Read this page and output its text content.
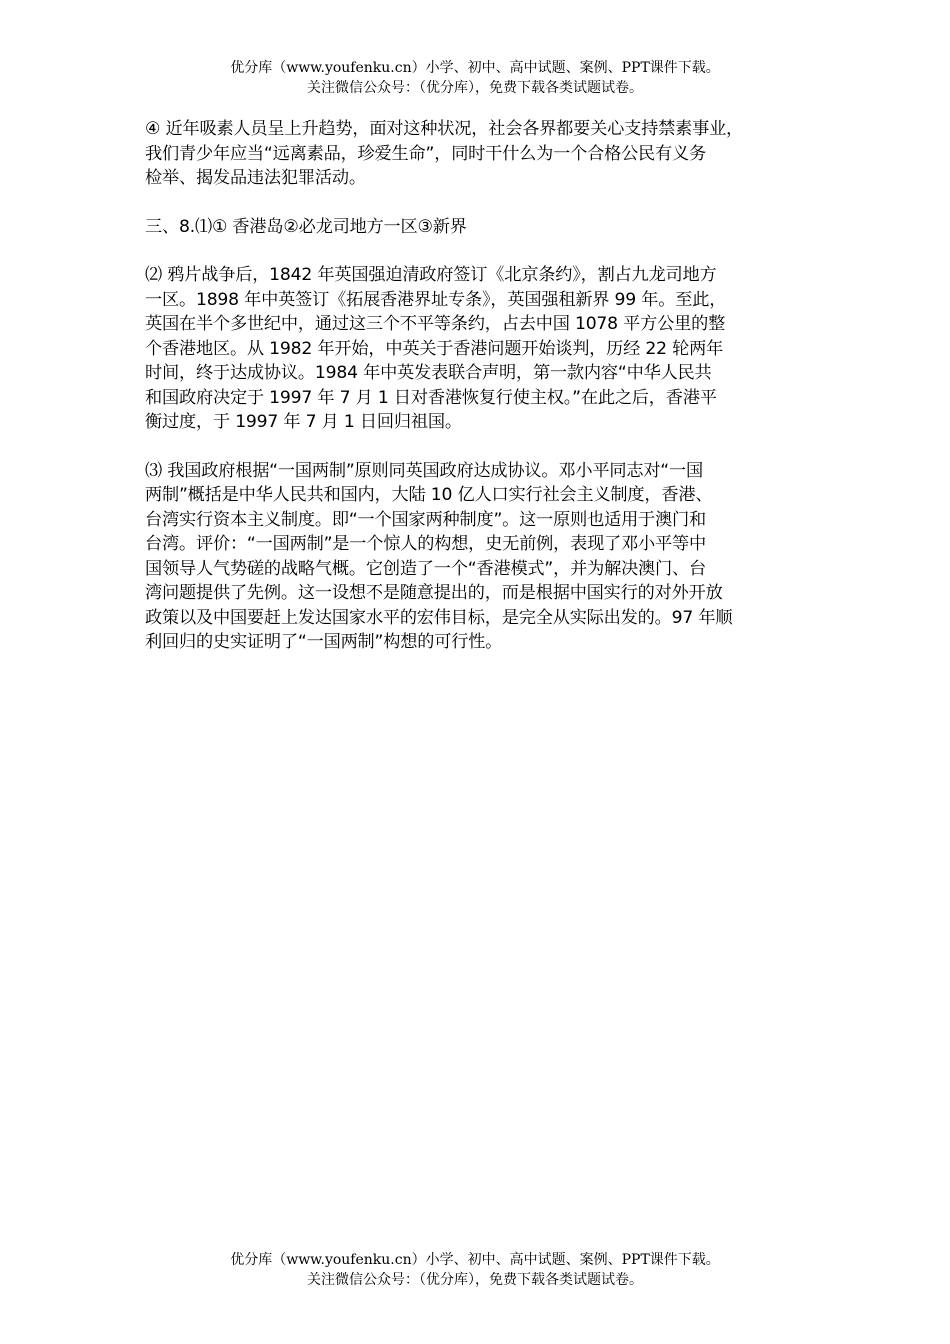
优分库（www.youfenku.cn）小学、初中、高中试题、案例、PPT课件下载。
关注微信公众号：（优分库），免费下载各类试题试卷。
④ 近年吸素人员呈上升趋势，面对这种状况，社会各界都要关心支持禁素事业，
我们青少年应当“远离素品，珍爱生命”，同时干什么为一个合格公民有义务
检举、揭发品违法犯罪活动。
三、8.⑴① 香港岛②必龙司地方一区③新界
⑵ 鸦片战争后，1842 年英国强迫清政府签订《北京条约》，割占九龙司地方
一区。1898 年中英签订《拓展香港界址专条》，英国强租新界 99 年。至此，
英国在半个多世纪中，通过这三个不平等条约，占去中国 1078 平方公里的整
个香港地区。从 1982 年开始，中英关于香港问题开始谈判，历经 22 轮两年
时间，终于达成协议。1984 年中英发表联合声明，第一款内容“中华人民共
和国政府决定于 1997 年 7 月 1 日对香港恢复行使主权。”在此之后，香港平
衡过度，于 1997 年 7 月 1 日回归祖国。
⑶ 我国政府根据“一国两制”原则同英国政府达成协议。邓小平同志对“一国
两制”概括是中华人民共和国内，大陆 10 亿人口实行社会主义制度，香港、
台湾实行资本主义制度。即“一个国家两种制度”。这一原则也适用于澳门和
台湾。评价：“一国两制”是一个惊人的构想，史无前例，表现了邓小平等中
国领导人气势磋的战略气概。它创造了一个“香港模式”，并为解决澳门、台
湾问题提供了先例。这一设想不是随意提出的，而是根据中国实行的对外开放
政策以及中国要赶上发达国家水平的宏伟目标，是完全从实际出发的。97 年顺
利回归的史实证明了“一国两制”构想的可行性。
优分库（www.youfenku.cn）小学、初中、高中试题、案例、PPT课件下载。
关注微信公众号：（优分库），免费下载各类试题试卷。
